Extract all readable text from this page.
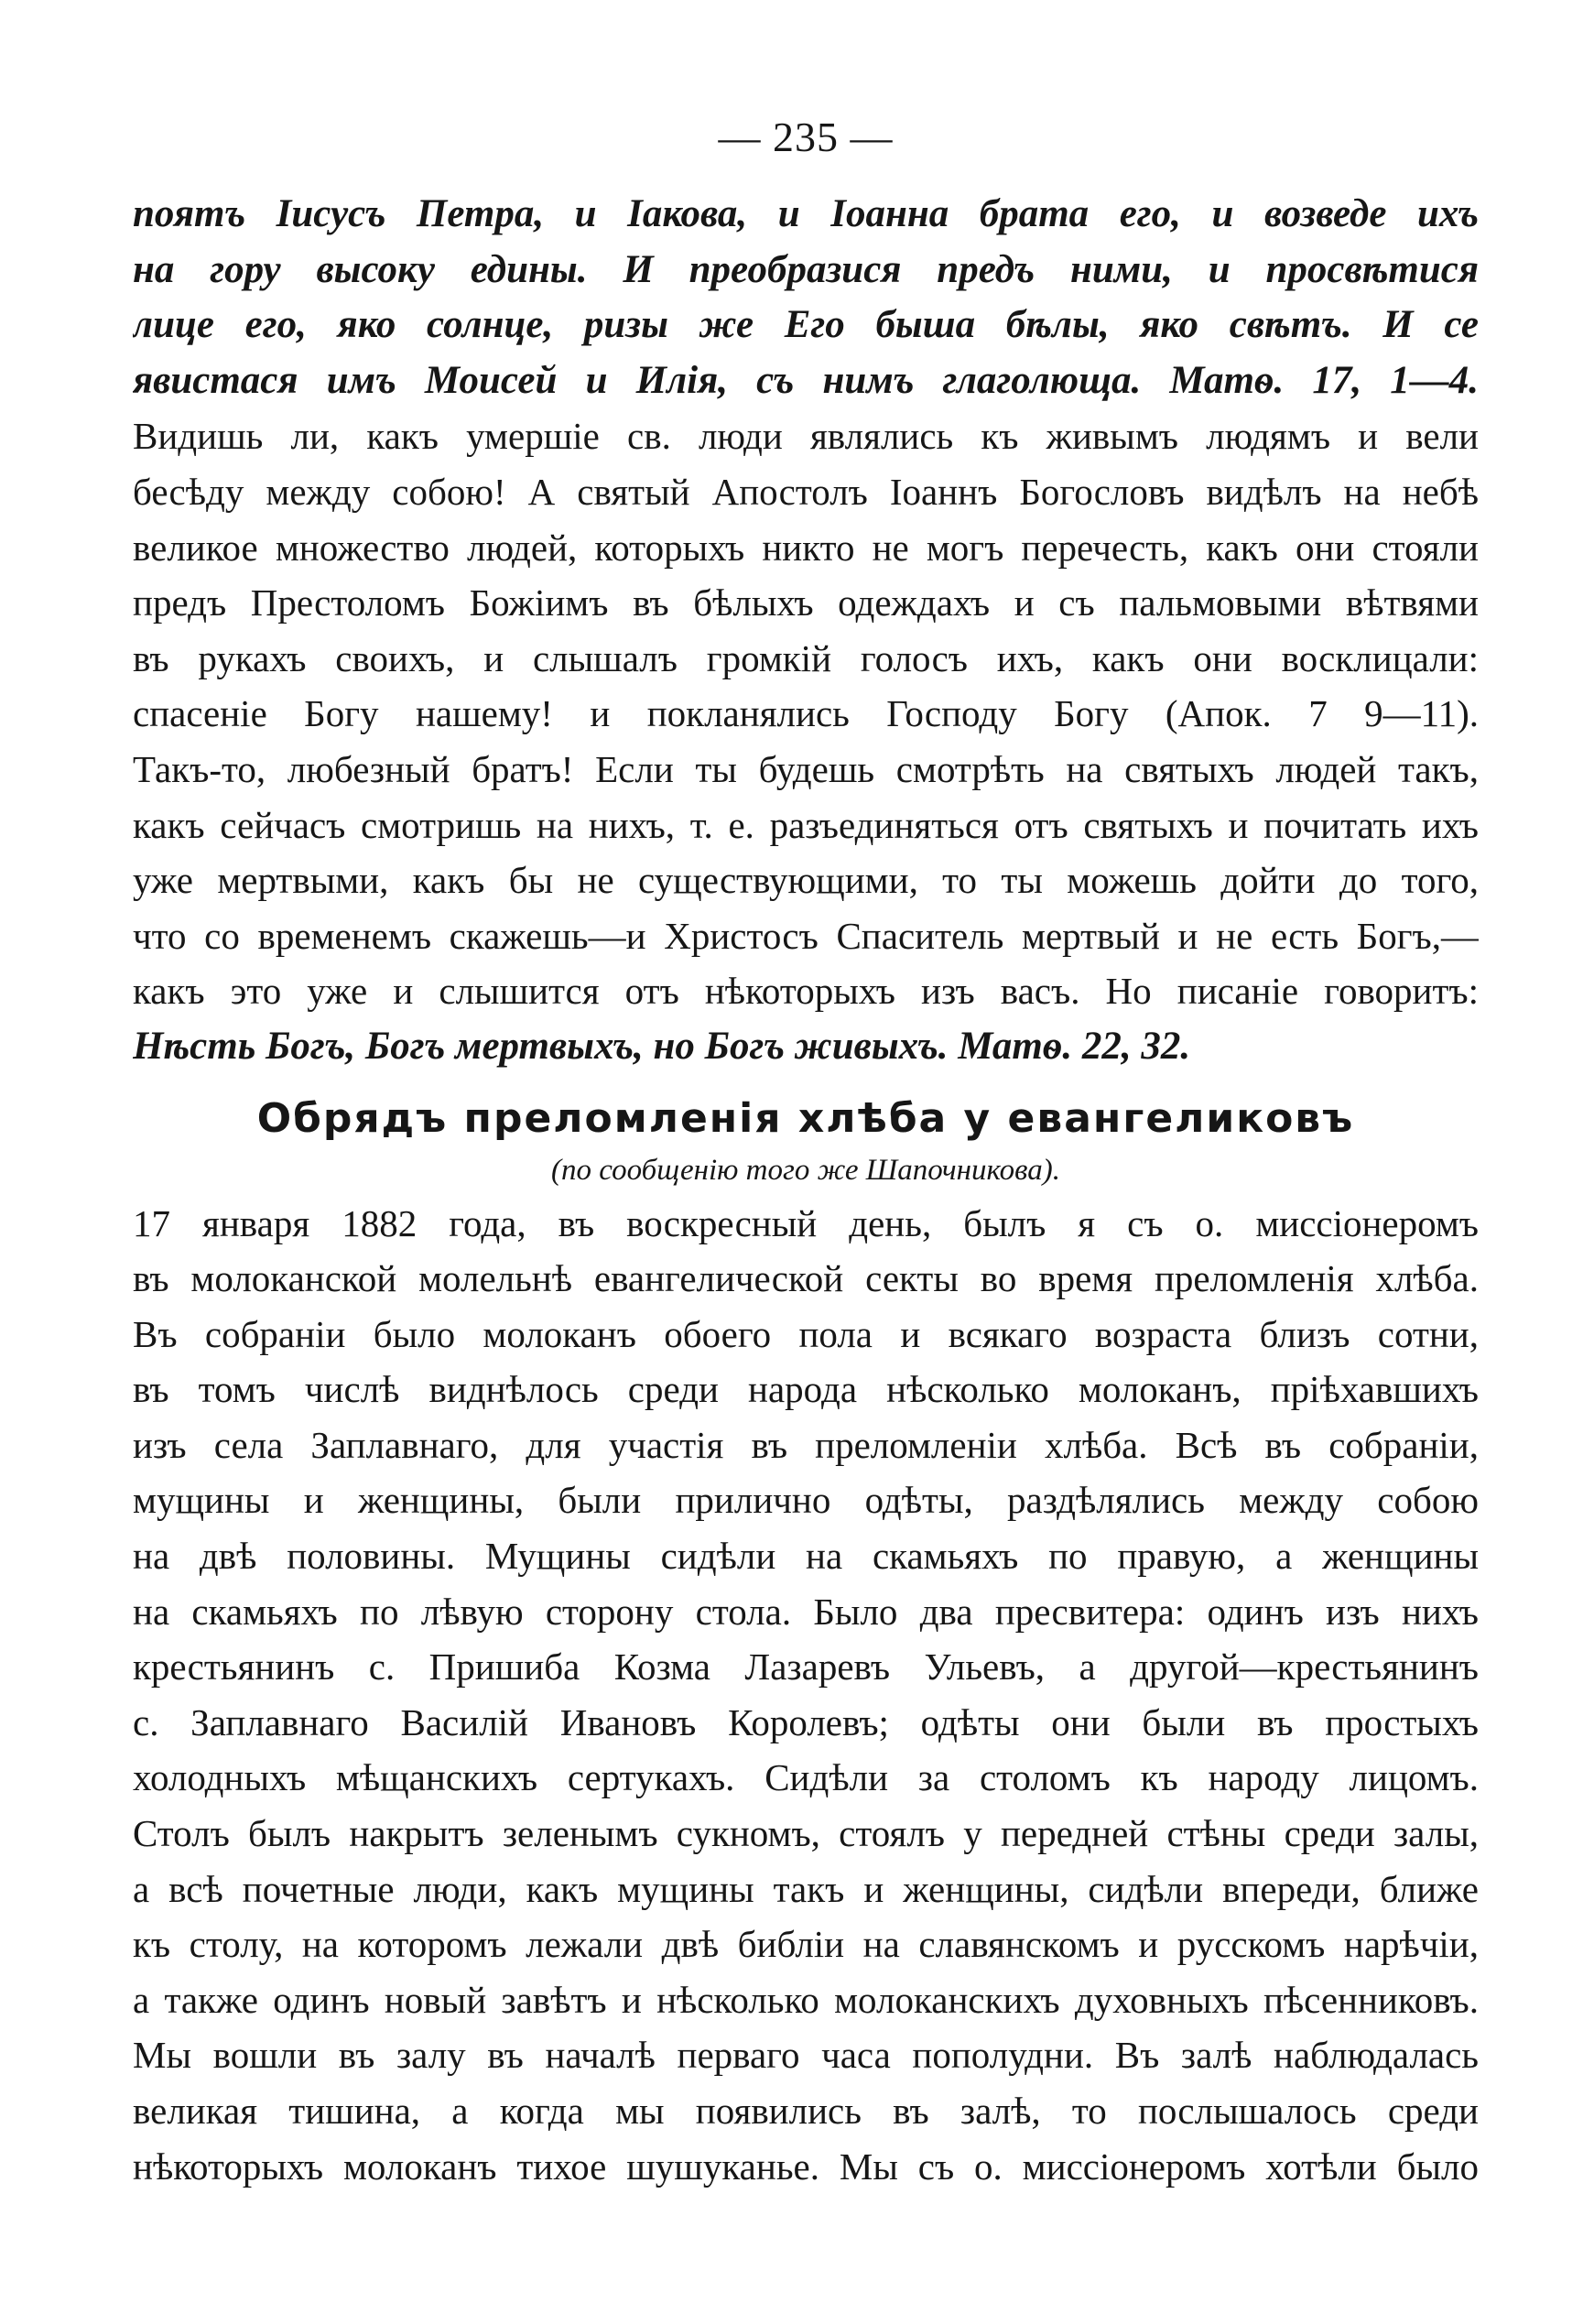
— 235 —
поятъ Іисусъ Петра, и Іакова, и Іоанна брата его, и возведе ихъ
на гору высоку едины. И преобразися предъ ними, и просвѣтися
лице его, яко солнце, ризы же Его быша бѣлы, яко свѣтъ. И се
явистася имъ Моисей и Илія, съ нимъ глаголюща. Матѳ. 17, 1—4.
Видишь ли, какъ умершіе св. люди являлись къ живымъ людямъ и вели
бесѣду между собою! А святый Апостолъ Іоаннъ Богословъ видѣлъ на небѣ
великое множество людей, которыхъ никто не могъ перечесть, какъ они стояли
предъ Престоломъ Божіимъ въ бѣлыхъ одеждахъ и съ пальмовыми вѣтвями
въ рукахъ своихъ, и слышалъ громкій голосъ ихъ, какъ они восклицали:
спасеніе Богу нашему! и покланялись Господу Богу (Апок. 7 9—11).
Такъ-то, любезный братъ! Если ты будешь смотрѣть на святыхъ людей такъ,
какъ сейчасъ смотришь на нихъ, т. е. разъединяться отъ святыхъ и почитать ихъ
уже мертвыми, какъ бы не существующими, то ты можешь дойти до того,
что со временемъ скажешь—и Христосъ Спаситель мертвый и не есть Богъ,—
какъ это уже и слышится отъ нѣкоторыхъ изъ васъ. Но писаніе говоритъ:
Нѣсть Богъ, Богъ мертвыхъ, но Богъ живыхъ. Матѳ. 22, 32.
Обрядъ преломленія хлѣба у евангеликовъ
(по сообщенію того же Шапочникова).
17 января 1882 года, въ воскресный день, былъ я съ о. миссіонеромъ
въ молоканской молельнѣ евангелической секты во время преломленія хлѣба.
Въ собраніи было молоканъ обоего пола и всякаго возраста близъ сотни,
въ томъ числѣ виднѣлось среди народа нѣсколько молоканъ, пріѣхавшихъ
изъ села Заплавнаго, для участія въ преломленіи хлѣба. Всѣ въ собраніи,
мущины и женщины, были прилично одѣты, раздѣлялись между собою
на двѣ половины. Мущины сидѣли на скамьяхъ по правую, а женщины
на скамьяхъ по лѣвую сторону стола. Было два пресвитера: одинъ изъ нихъ
крестьянинъ с. Пришиба Козма Лазаревъ Ульевъ, а другой—крестьянинъ
с. Заплавнаго Василій Ивановъ Королевъ; одѣты они были въ простыхъ
холодныхъ мѣщанскихъ сертукахъ. Сидѣли за столомъ къ народу лицомъ.
Столъ былъ накрытъ зеленымъ сукномъ, стоялъ у передней стѣны среди залы,
а всѣ почетные люди, какъ мущины такъ и женщины, сидѣли впереди, ближе
къ столу, на которомъ лежали двѣ библіи на славянскомъ и русскомъ нарѣчіи,
а также одинъ новый завѣтъ и нѣсколько молоканскихъ духовныхъ пѣсенниковъ.
Мы вошли въ залу въ началѣ перваго часа пополудни. Въ залѣ наблюдалась
великая тишина, а когда мы появились въ залѣ, то послышалось среди
нѣкоторыхъ молоканъ тихое шушуканье. Мы съ о. миссіонеромъ хотѣли было
